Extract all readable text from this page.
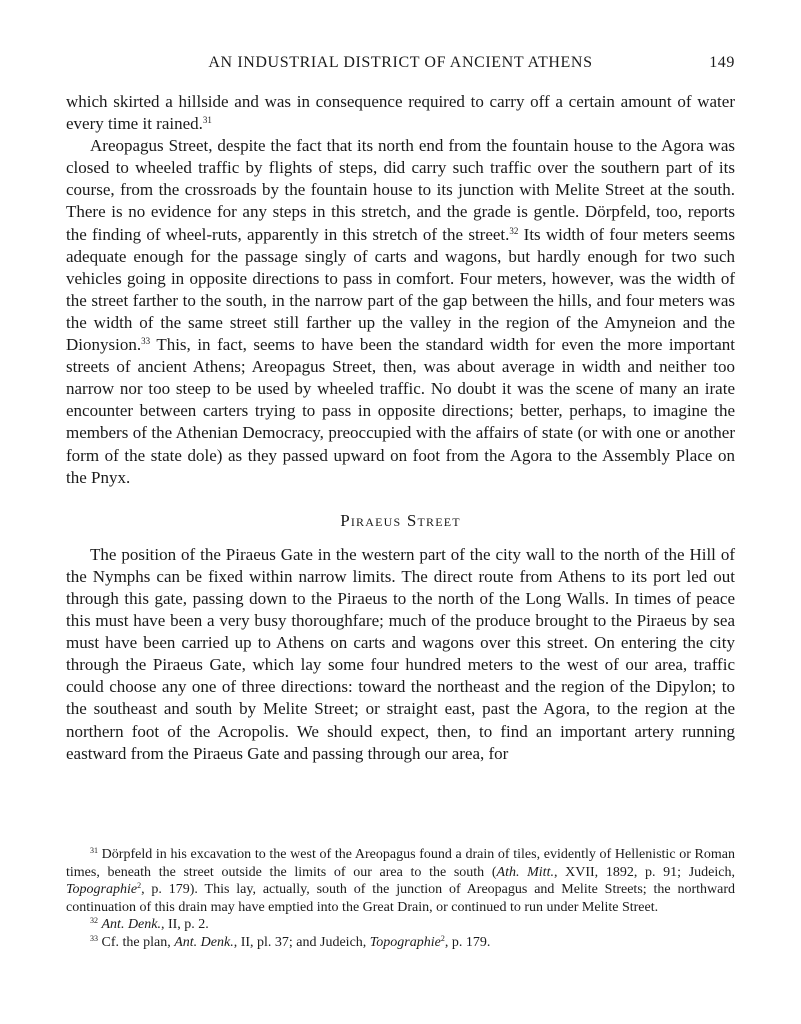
AN INDUSTRIAL DISTRICT OF ANCIENT ATHENS	149

which skirted a hillside and was in consequence required to carry off a certain amount of water every time it rained.$^{31}$

Areopagus Street, despite the fact that its north end from the fountain house to the Agora was closed to wheeled traffic by flights of steps, did carry such traffic over the southern part of its course, from the crossroads by the fountain house to its junction with Melite Street at the south. There is no evidence for any steps in this stretch, and the grade is gentle. Dörpfeld, too, reports the finding of wheel-ruts, apparently in this stretch of the street.$^{32}$ Its width of four meters seems adequate enough for the passage singly of carts and wagons, but hardly enough for two such vehicles going in opposite directions to pass in comfort. Four meters, however, was the width of the street farther to the south, in the narrow part of the gap between the hills, and four meters was the width of the same street still farther up the valley in the region of the Amyneion and the Dionysion.$^{33}$ This, in fact, seems to have been the standard width for even the more important streets of ancient Athens; Areopagus Street, then, was about average in width and neither too narrow nor too steep to be used by wheeled traffic. No doubt it was the scene of many an irate encounter between carters trying to pass in opposite directions; better, perhaps, to imagine the members of the Athenian Democracy, preoccupied with the affairs of state (or with one or another form of the state dole) as they passed upward on foot from the Agora to the Assembly Place on the Pnyx.

Piraeus Street

The position of the Piraeus Gate in the western part of the city wall to the north of the Hill of the Nymphs can be fixed within narrow limits. The direct route from Athens to its port led out through this gate, passing down to the Piraeus to the north of the Long Walls. In times of peace this must have been a very busy thoroughfare; much of the produce brought to the Piraeus by sea must have been carried up to Athens on carts and wagons over this street. On entering the city through the Piraeus Gate, which lay some four hundred meters to the west of our area, traffic could choose any one of three directions: toward the northeast and the region of the Dipylon; to the southeast and south by Melite Street; or straight east, past the Agora, to the region at the northern foot of the Acropolis. We should expect, then, to find an important artery running eastward from the Piraeus Gate and passing through our area, for

$^{31}$ Dörpfeld in his excavation to the west of the Areopagus found a drain of tiles, evidently of Hellenistic or Roman times, beneath the street outside the limits of our area to the south (Ath. Mitt., XVII, 1892, p. 91; Judeich, Topographie$^2$, p. 179). This lay, actually, south of the junction of Areopagus and Melite Streets; the northward continuation of this drain may have emptied into the Great Drain, or continued to run under Melite Street.

$^{32}$ Ant. Denk., II, p. 2.

$^{33}$ Cf. the plan, Ant. Denk., II, pl. 37; and Judeich, Topographie$^2$, p. 179.
